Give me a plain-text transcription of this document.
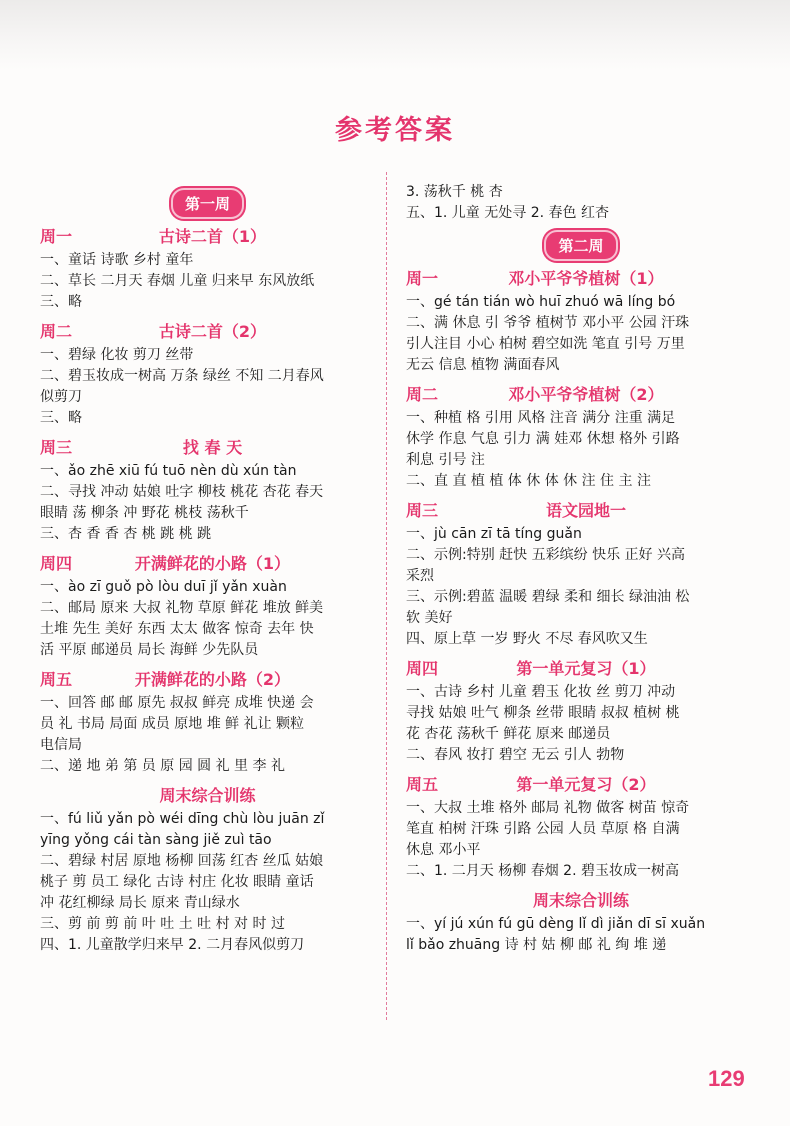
参考答案
第一周
周一	古诗二首（1）
一、童话 诗歌 乡村 童年
二、草长 二月天 春烟 儿童 归来早 东风放纸
三、略
周二	古诗二首（2）
一、碧绿 化妆 剪刀 丝带
二、碧玉妆成一树高 万条 绿丝 不知 二月春风
似剪刀
三、略
周三	找 春 天
一、ǎo zhē xiū fú tuō nèn dù xún tàn
二、寻找 冲动 姑娘 吐字 柳枝 桃花 杏花 春天
眼睛 荡 柳条 冲 野花 桃枝 荡秋千
三、杏 香 香 杏 桃 跳 桃 跳
周四	开满鲜花的小路（1）
一、ào zī guǒ pò lòu duī jǐ yǎn xuàn
二、邮局 原来 大叔 礼物 草原 鲜花 堆放 鲜美
土堆 先生 美好 东西 太太 做客 惊奇 去年 快
活 平原 邮递员 局长 海鲜 少先队员
周五	开满鲜花的小路（2）
一、回答 邮 邮 原先 叔叔 鲜亮 成堆 快递 会
员 礼 书局 局面 成员 原地 堆 鲜 礼让 颗粒
电信局
二、递 地 弟 第 员 原 园 圆 礼 里 李 礼
周末综合训练
一、fú liǔ yǎn pò wéi dīng chù lòu juān zǐ
yīng yǒng cái tàn sàng jiě zuì tāo
二、碧绿 村居 原地 杨柳 回荡 红杏 丝瓜 姑娘
桃子 剪 员工 绿化 古诗 村庄 化妆 眼睛 童话
冲 花红柳绿 局长 原来 青山绿水
三、剪 前 剪 前 叶 吐 土 吐 村 对 时 过
四、1. 儿童散学归来早 2. 二月春风似剪刀
3. 荡秋千 桃 杏
五、1. 儿童 无处寻 2. 春色 红杏
第二周
周一	邓小平爷爷植树（1）
一、gé tán tián wò huī zhuó wā líng bó
二、满 休息 引 爷爷 植树节 邓小平 公园 汗珠
引人注目 小心 柏树 碧空如洗 笔直 引号 万里
无云 信息 植物 满面春风
周二	邓小平爷爷植树（2）
一、种植 格 引用 风格 注音 满分 注重 满足
休学 作息 气息 引力 满 娃邓 休想 格外 引路
利息 引号 注
二、直 直 植 植 体 休 体 休 注 住 主 注
周三	语文园地一
一、jù cān zī tā tíng guǎn
二、示例:特别 赶快 五彩缤纷 快乐 正好 兴高
采烈
三、示例:碧蓝 温暖 碧绿 柔和 细长 绿油油 松
软 美好
四、原上草 一岁 野火 不尽 春风吹又生
周四	第一单元复习（1）
一、古诗 乡村 儿童 碧玉 化妆 丝 剪刀 冲动
寻找 姑娘 吐气 柳条 丝带 眼睛 叔叔 植树 桃
花 杏花 荡秋千 鲜花 原来 邮递员
二、春风 妆打 碧空 无云 引人 勃物
周五	第一单元复习（2）
一、大叔 土堆 格外 邮局 礼物 做客 树苗 惊奇
笔直 柏树 汗珠 引路 公园 人员 草原 格 自满
休息 邓小平
二、1. 二月天 杨柳 春烟 2. 碧玉妆成一树高
周末综合训练
一、yí jú xún fú gū dèng lǐ dì jiǎn dī sī xuǎn
lǐ bǎo zhuāng 诗 村 姑 柳 邮 礼 绚 堆 递
129
